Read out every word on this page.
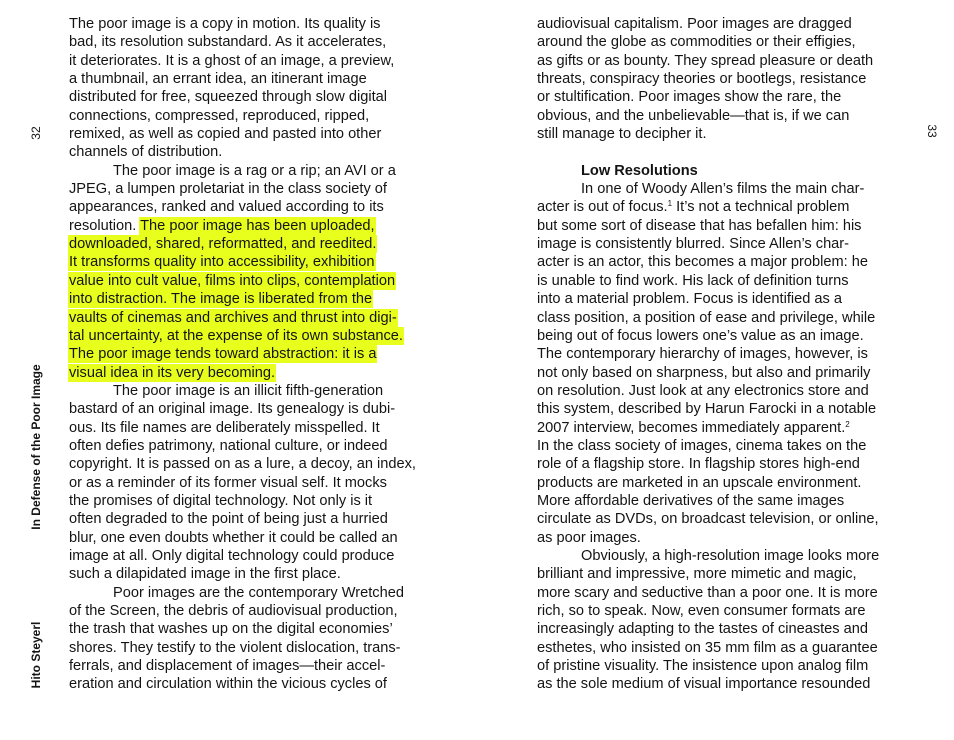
32
In Defense of the Poor Image
Hito Steyerl
33
The poor image is a copy in motion. Its quality is
bad, its resolution substandard. As it accelerates,
it deteriorates. It is a ghost of an image, a preview,
a thumbnail, an errant idea, an itinerant image
distributed for free, squeezed through slow digital
connections, compressed, reproduced, ripped,
remixed, as well as copied and pasted into other
channels of distribution.
The poor image is a rag or a rip; an AVI or a
JPEG, a lumpen proletariat in the class society of
appearances, ranked and valued according to its
resolution. The poor image has been uploaded,
downloaded, shared, reformatted, and reedited.
It transforms quality into accessibility, exhibition
value into cult value, films into clips, contemplation
into distraction. The image is liberated from the
vaults of cinemas and archives and thrust into digi-
tal uncertainty, at the expense of its own substance.
The poor image tends toward abstraction: it is a
visual idea in its very becoming.
The poor image is an illicit fifth-generation
bastard of an original image. Its genealogy is dubi-
ous. Its file names are deliberately misspelled. It
often defies patrimony, national culture, or indeed
copyright. It is passed on as a lure, a decoy, an index,
or as a reminder of its former visual self. It mocks
the promises of digital technology. Not only is it
often degraded to the point of being just a hurried
blur, one even doubts whether it could be called an
image at all. Only digital technology could produce
such a dilapidated image in the first place.
Poor images are the contemporary Wretched
of the Screen, the debris of audiovisual production,
the trash that washes up on the digital economies’
shores. They testify to the violent dislocation, trans-
ferrals, and displacement of images—their accel-
eration and circulation within the vicious cycles of
audiovisual capitalism. Poor images are dragged
around the globe as commodities or their effigies,
as gifts or as bounty. They spread pleasure or death
threats, conspiracy theories or bootlegs, resistance
or stultification. Poor images show the rare, the
obvious, and the unbelievable—that is, if we can
still manage to decipher it.
Low Resolutions
In one of Woody Allen’s films the main char-
acter is out of focus.$^1$ It’s not a technical problem
but some sort of disease that has befallen him: his
image is consistently blurred. Since Allen’s char-
acter is an actor, this becomes a major problem: he
is unable to find work. His lack of definition turns
into a material problem. Focus is identified as a
class position, a position of ease and privilege, while
being out of focus lowers one’s value as an image.
The contemporary hierarchy of images, however, is
not only based on sharpness, but also and primarily
on resolution. Just look at any electronics store and
this system, described by Harun Farocki in a notable
2007 interview, becomes immediately apparent.$^2$
In the class society of images, cinema takes on the
role of a flagship store. In flagship stores high-end
products are marketed in an upscale environment.
More affordable derivatives of the same images
circulate as DVDs, on broadcast television, or online,
as poor images.
Obviously, a high-resolution image looks more
brilliant and impressive, more mimetic and magic,
more scary and seductive than a poor one. It is more
rich, so to speak. Now, even consumer formats are
increasingly adapting to the tastes of cineastes and
esthetes, who insisted on 35 mm film as a guarantee
of pristine visuality. The insistence upon analog film
as the sole medium of visual importance resounded
